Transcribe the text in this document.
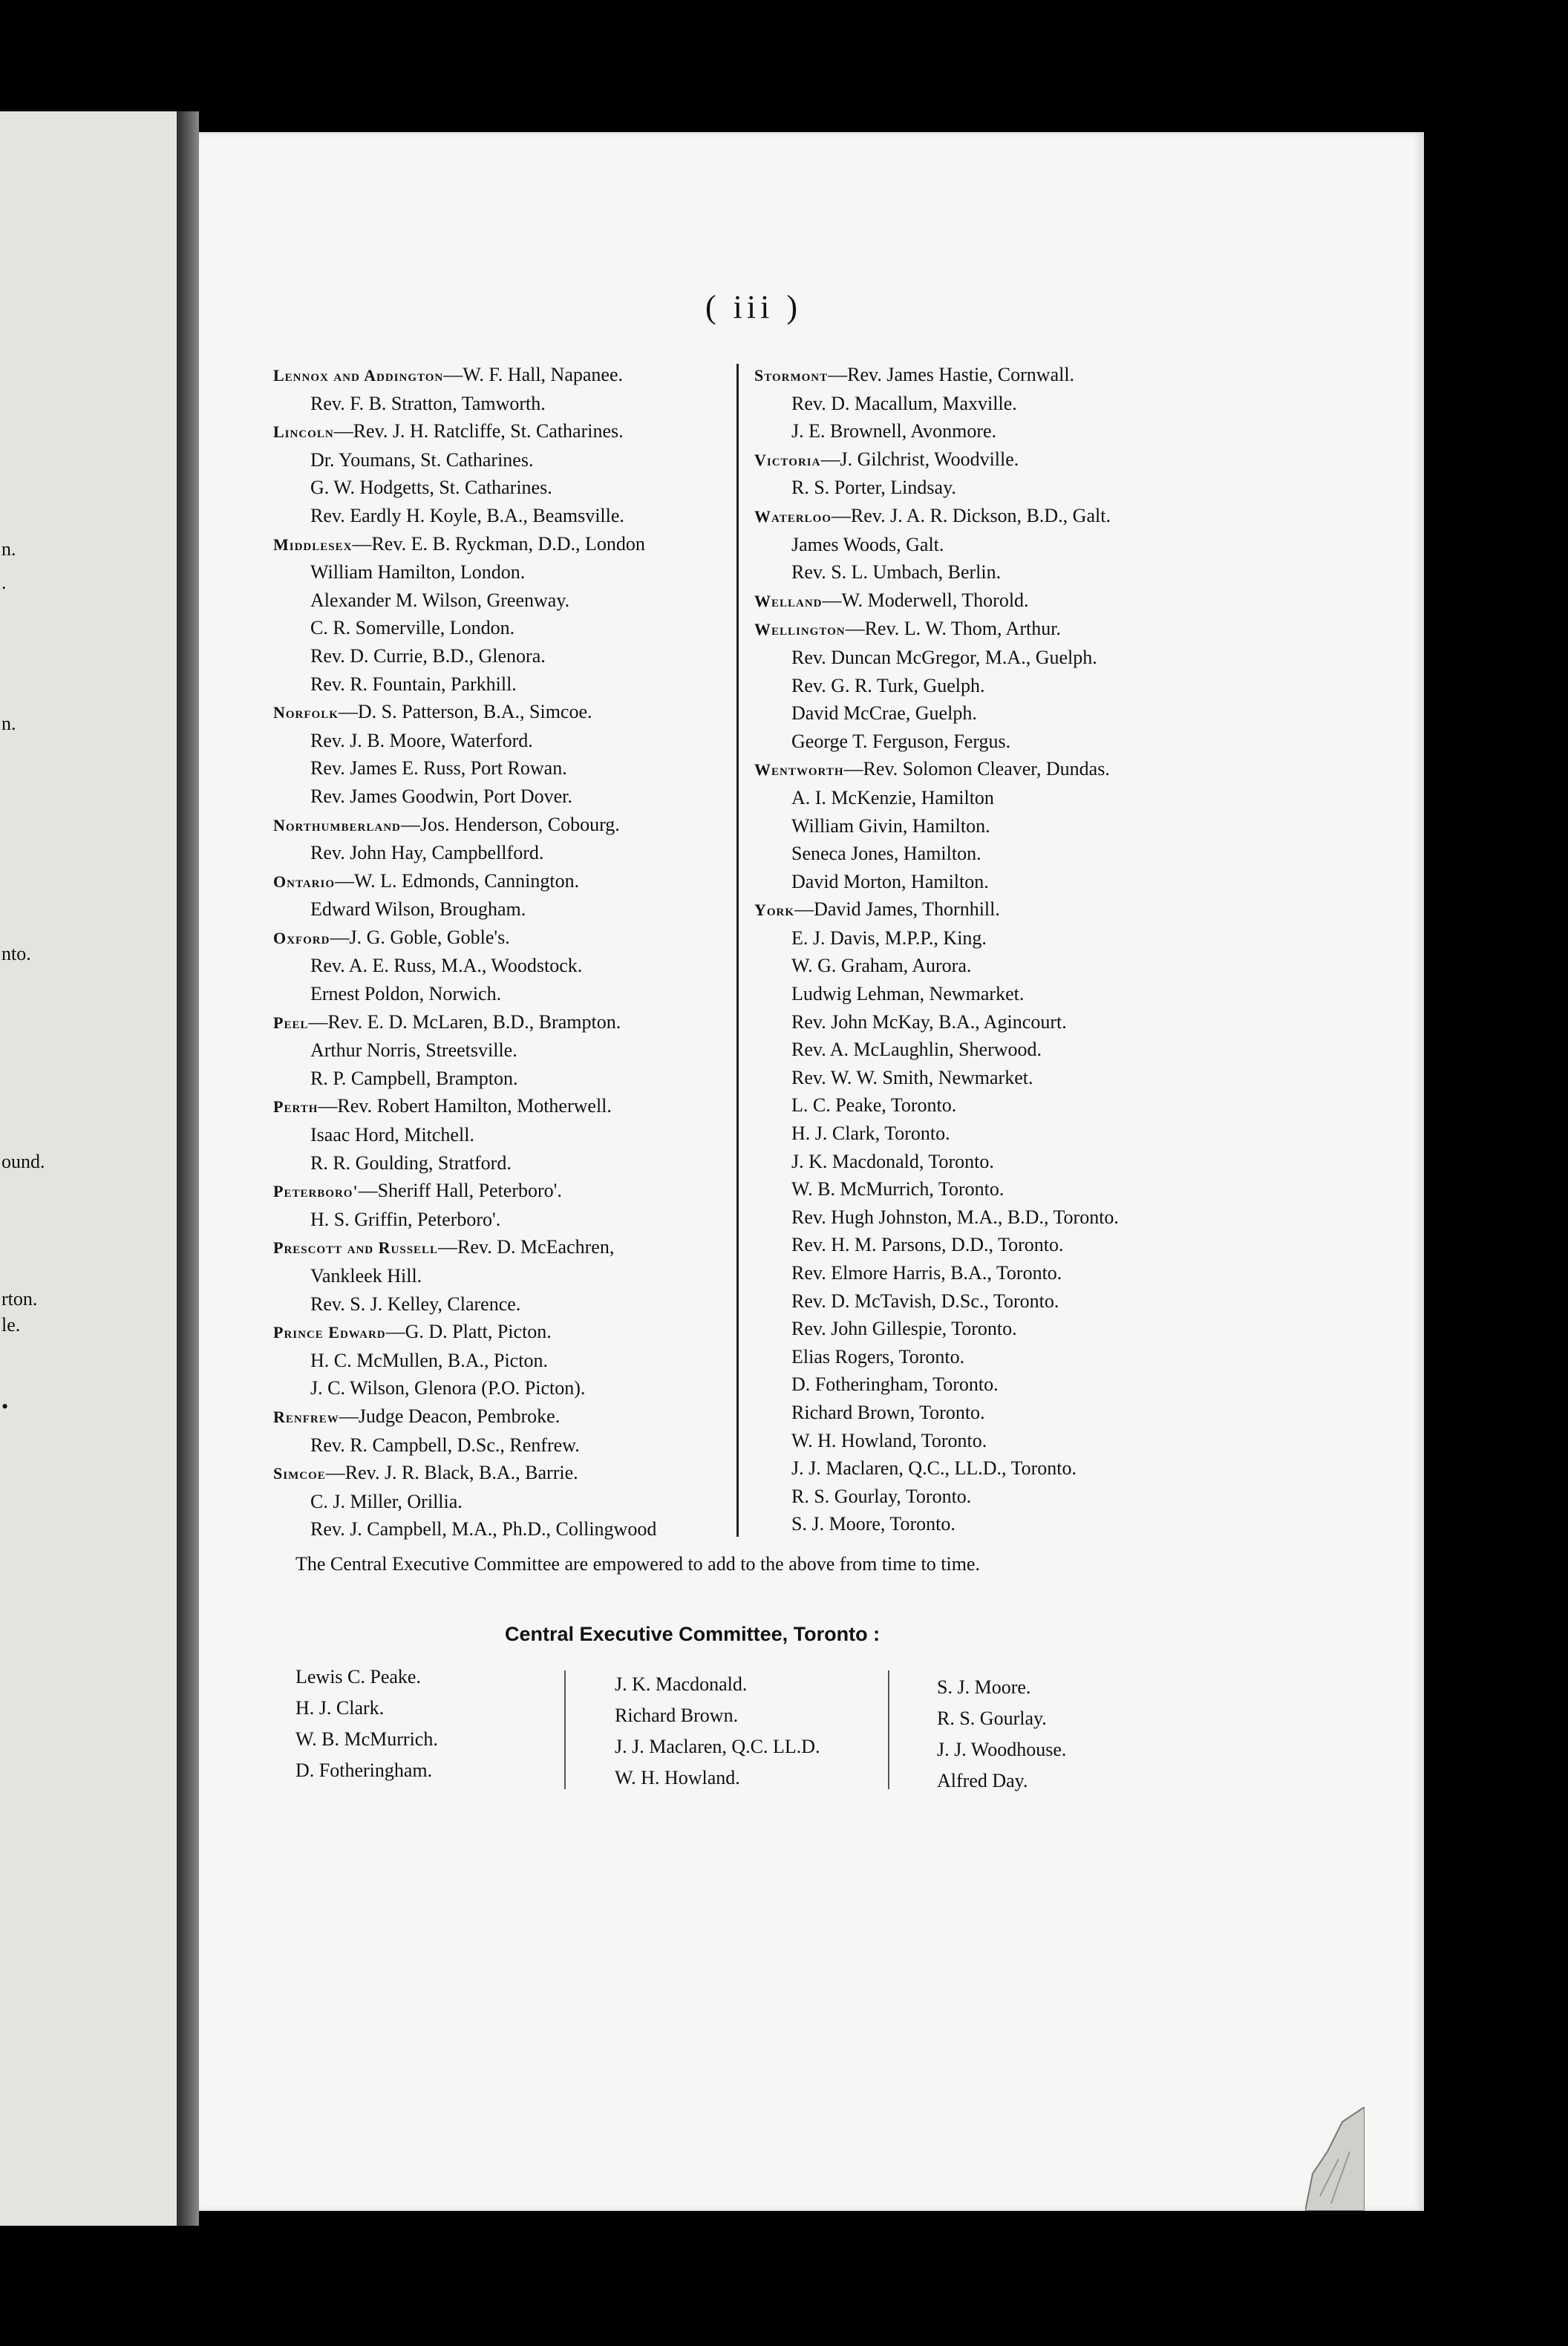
n.
.
n.
nto.
ound.
rton.
le.
•
( iii )
Lennox and Addington—W. F. Hall, Napanee.
Rev. F. B. Stratton, Tamworth.
Lincoln—Rev. J. H. Ratcliffe, St. Catharines.
Dr. Youmans, St. Catharines.
G. W. Hodgetts, St. Catharines.
Rev. Eardly H. Koyle, B.A., Beamsville.
Middlesex—Rev. E. B. Ryckman, D.D., London
William Hamilton, London.
Alexander M. Wilson, Greenway.
C. R. Somerville, London.
Rev. D. Currie, B.D., Glenora.
Rev. R. Fountain, Parkhill.
Norfolk—D. S. Patterson, B.A., Simcoe.
Rev. J. B. Moore, Waterford.
Rev. James E. Russ, Port Rowan.
Rev. James Goodwin, Port Dover.
Northumberland—Jos. Henderson, Cobourg.
Rev. John Hay, Campbellford.
Ontario—W. L. Edmonds, Cannington.
Edward Wilson, Brougham.
Oxford—J. G. Goble, Goble's.
Rev. A. E. Russ, M.A., Woodstock.
Ernest Poldon, Norwich.
Peel—Rev. E. D. McLaren, B.D., Brampton.
Arthur Norris, Streetsville.
R. P. Campbell, Brampton.
Perth—Rev. Robert Hamilton, Motherwell.
Isaac Hord, Mitchell.
R. R. Goulding, Stratford.
Peterboro'—Sheriff Hall, Peterboro'.
H. S. Griffin, Peterboro'.
Prescott and Russell—Rev. D. McEachren,
Vankleek Hill.
Rev. S. J. Kelley, Clarence.
Prince Edward—G. D. Platt, Picton.
H. C. McMullen, B.A., Picton.
J. C. Wilson, Glenora (P.O. Picton).
Renfrew—Judge Deacon, Pembroke.
Rev. R. Campbell, D.Sc., Renfrew.
Simcoe—Rev. J. R. Black, B.A., Barrie.
C. J. Miller, Orillia.
Rev. J. Campbell, M.A., Ph.D., Collingwood
Stormont—Rev. James Hastie, Cornwall.
Rev. D. Macallum, Maxville.
J. E. Brownell, Avonmore.
Victoria—J. Gilchrist, Woodville.
R. S. Porter, Lindsay.
Waterloo—Rev. J. A. R. Dickson, B.D., Galt.
James Woods, Galt.
Rev. S. L. Umbach, Berlin.
Welland—W. Moderwell, Thorold.
Wellington—Rev. L. W. Thom, Arthur.
Rev. Duncan McGregor, M.A., Guelph.
Rev. G. R. Turk, Guelph.
David McCrae, Guelph.
George T. Ferguson, Fergus.
Wentworth—Rev. Solomon Cleaver, Dundas.
A. I. McKenzie, Hamilton
William Givin, Hamilton.
Seneca Jones, Hamilton.
David Morton, Hamilton.
York—David James, Thornhill.
E. J. Davis, M.P.P., King.
W. G. Graham, Aurora.
Ludwig Lehman, Newmarket.
Rev. John McKay, B.A., Agincourt.
Rev. A. McLaughlin, Sherwood.
Rev. W. W. Smith, Newmarket.
L. C. Peake, Toronto.
H. J. Clark, Toronto.
J. K. Macdonald, Toronto.
W. B. McMurrich, Toronto.
Rev. Hugh Johnston, M.A., B.D., Toronto.
Rev. H. M. Parsons, D.D., Toronto.
Rev. Elmore Harris, B.A., Toronto.
Rev. D. McTavish, D.Sc., Toronto.
Rev. John Gillespie, Toronto.
Elias Rogers, Toronto.
D. Fotheringham, Toronto.
Richard Brown, Toronto.
W. H. Howland, Toronto.
J. J. Maclaren, Q.C., LL.D., Toronto.
R. S. Gourlay, Toronto.
S. J. Moore, Toronto.
The Central Executive Committee are empowered to add to the above from time to time.
Central Executive Committee, Toronto :
Lewis C. Peake.
H. J. Clark.
W. B. McMurrich.
D. Fotheringham.
J. K. Macdonald.
Richard Brown.
J. J. Maclaren, Q.C. LL.D.
W. H. Howland.
S. J. Moore.
R. S. Gourlay.
J. J. Woodhouse.
Alfred Day.
